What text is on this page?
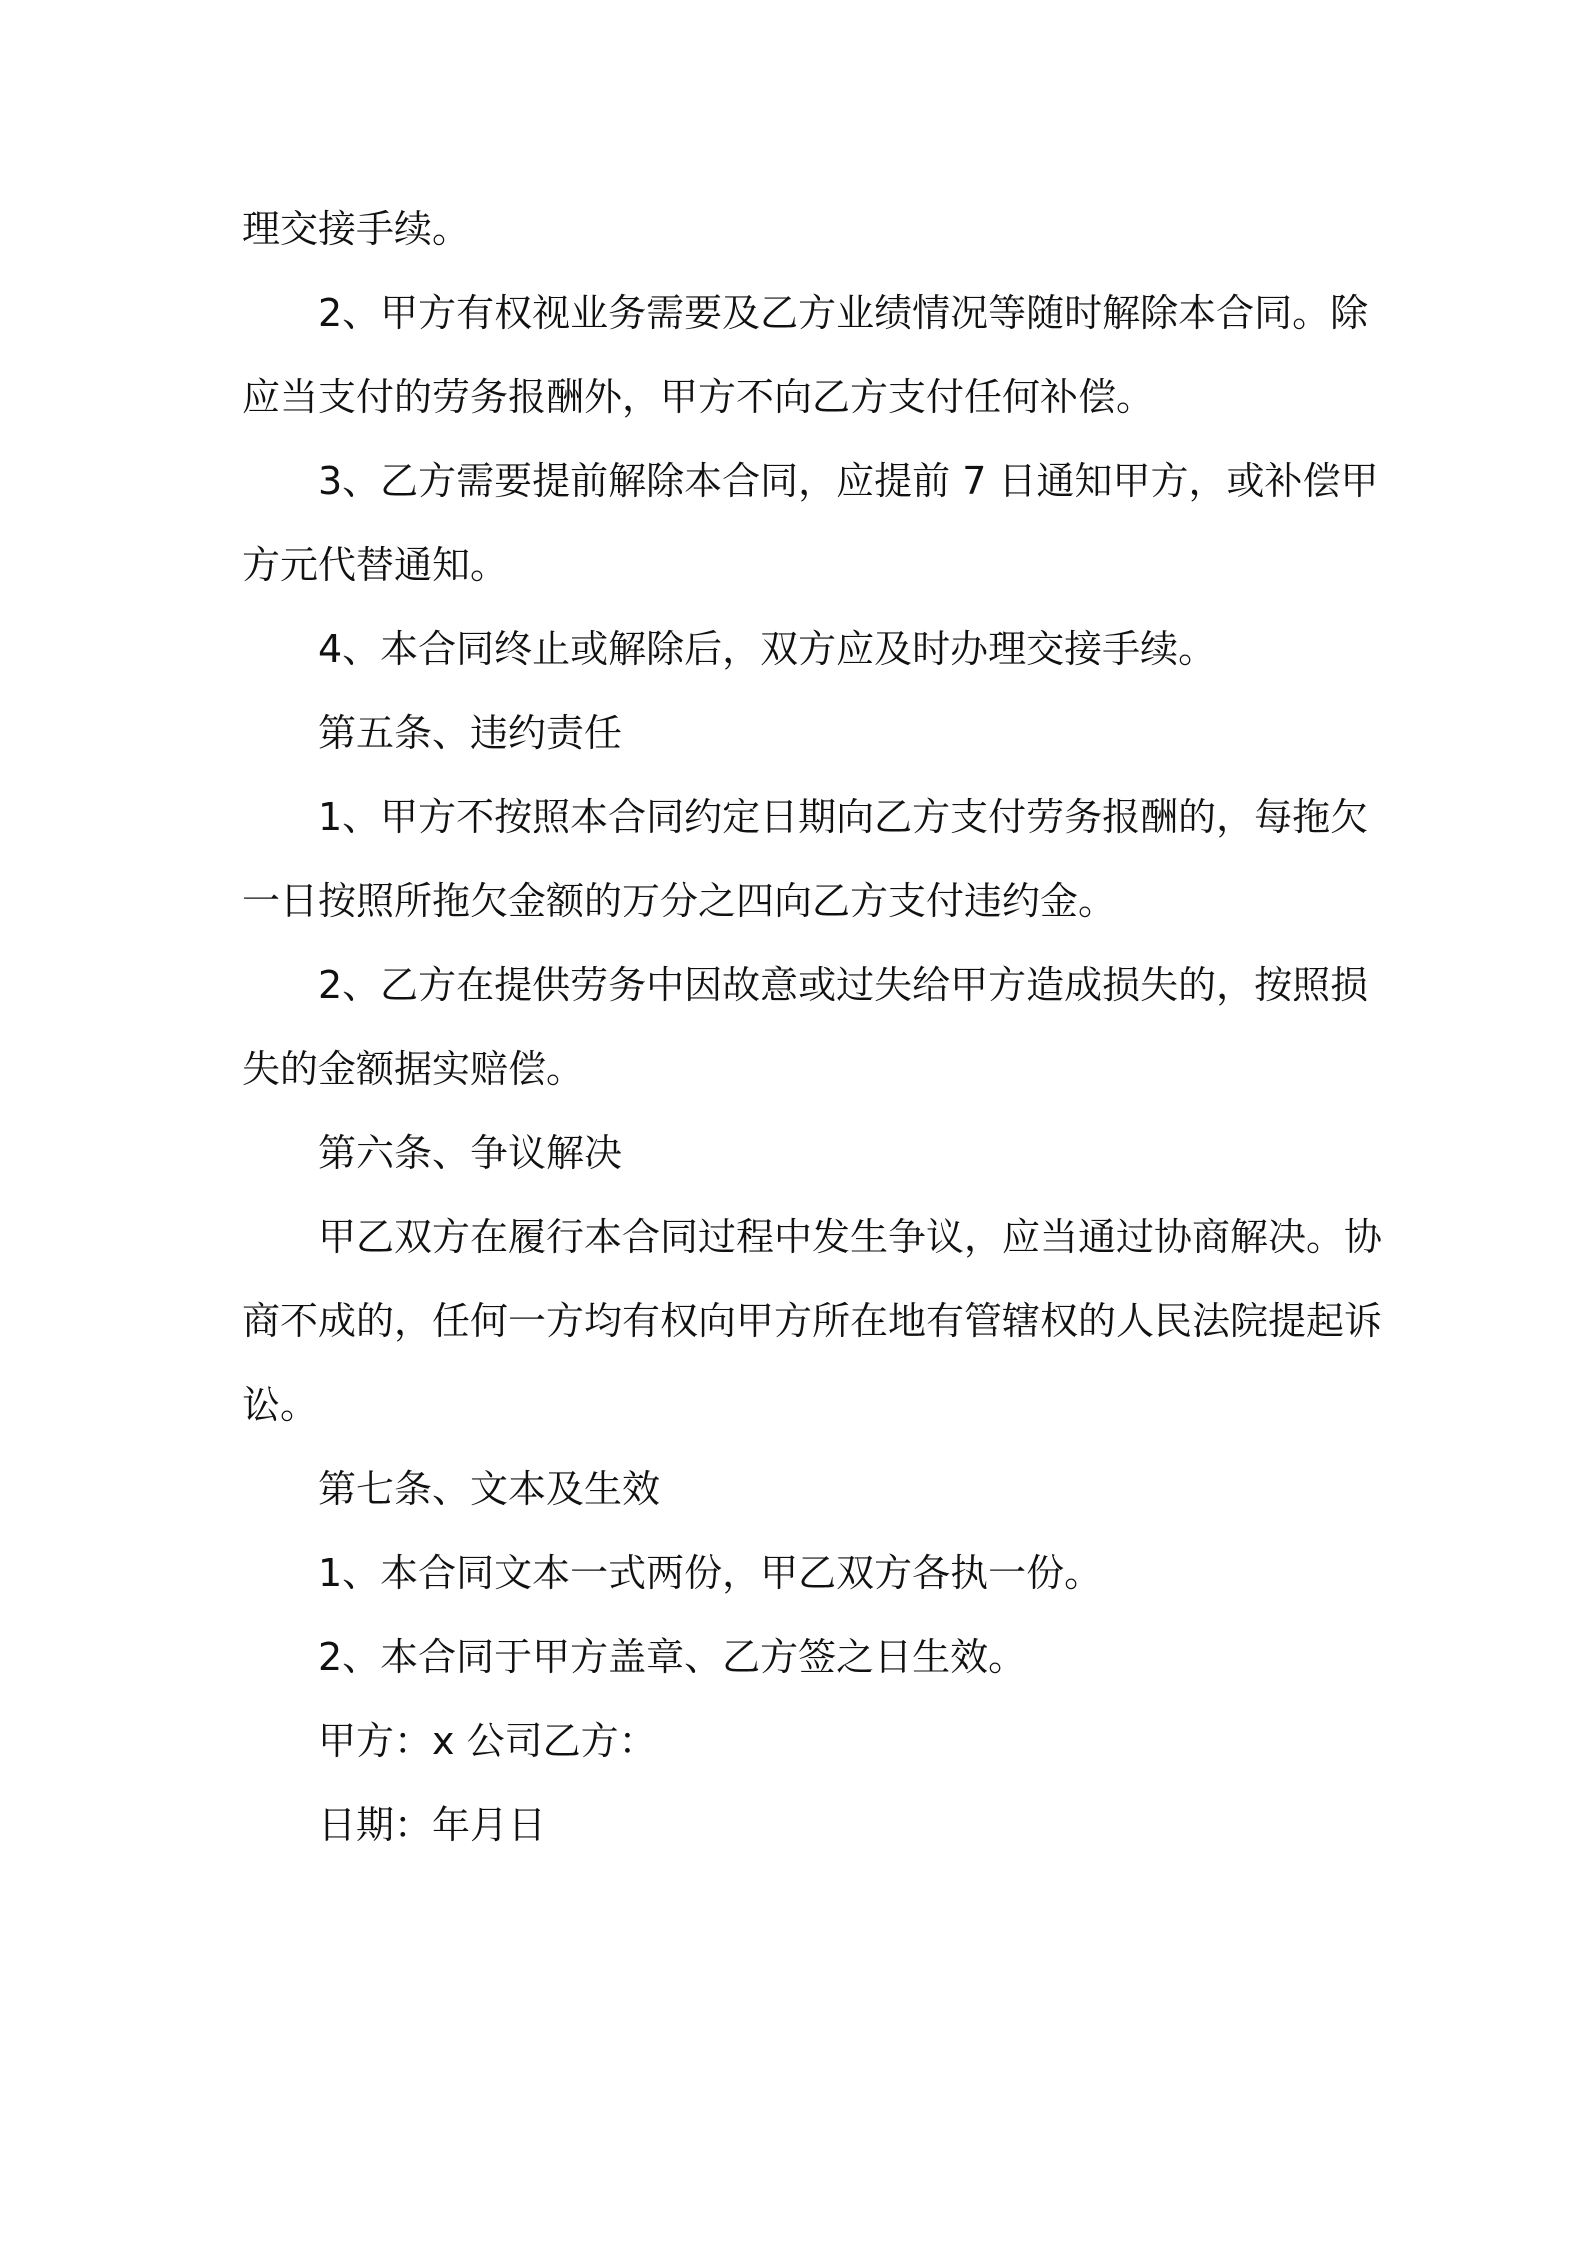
理交接手续。
2、甲方有权视业务需要及乙方业绩情况等随时解除本合同。除
应当支付的劳务报酬外，甲方不向乙方支付任何补偿。
3、乙方需要提前解除本合同，应提前 7 日通知甲方，或补偿甲
方元代替通知。
4、本合同终止或解除后，双方应及时办理交接手续。
第五条、违约责任
1、甲方不按照本合同约定日期向乙方支付劳务报酬的，每拖欠
一日按照所拖欠金额的万分之四向乙方支付违约金。
2、乙方在提供劳务中因故意或过失给甲方造成损失的，按照损
失的金额据实赔偿。
第六条、争议解决
甲乙双方在履行本合同过程中发生争议，应当通过协商解决。协
商不成的，任何一方均有权向甲方所在地有管辖权的人民法院提起诉
讼。
第七条、文本及生效
1、本合同文本一式两份，甲乙双方各执一份。
2、本合同于甲方盖章、乙方签之日生效。
甲方：x 公司乙方：
日期：年月日
